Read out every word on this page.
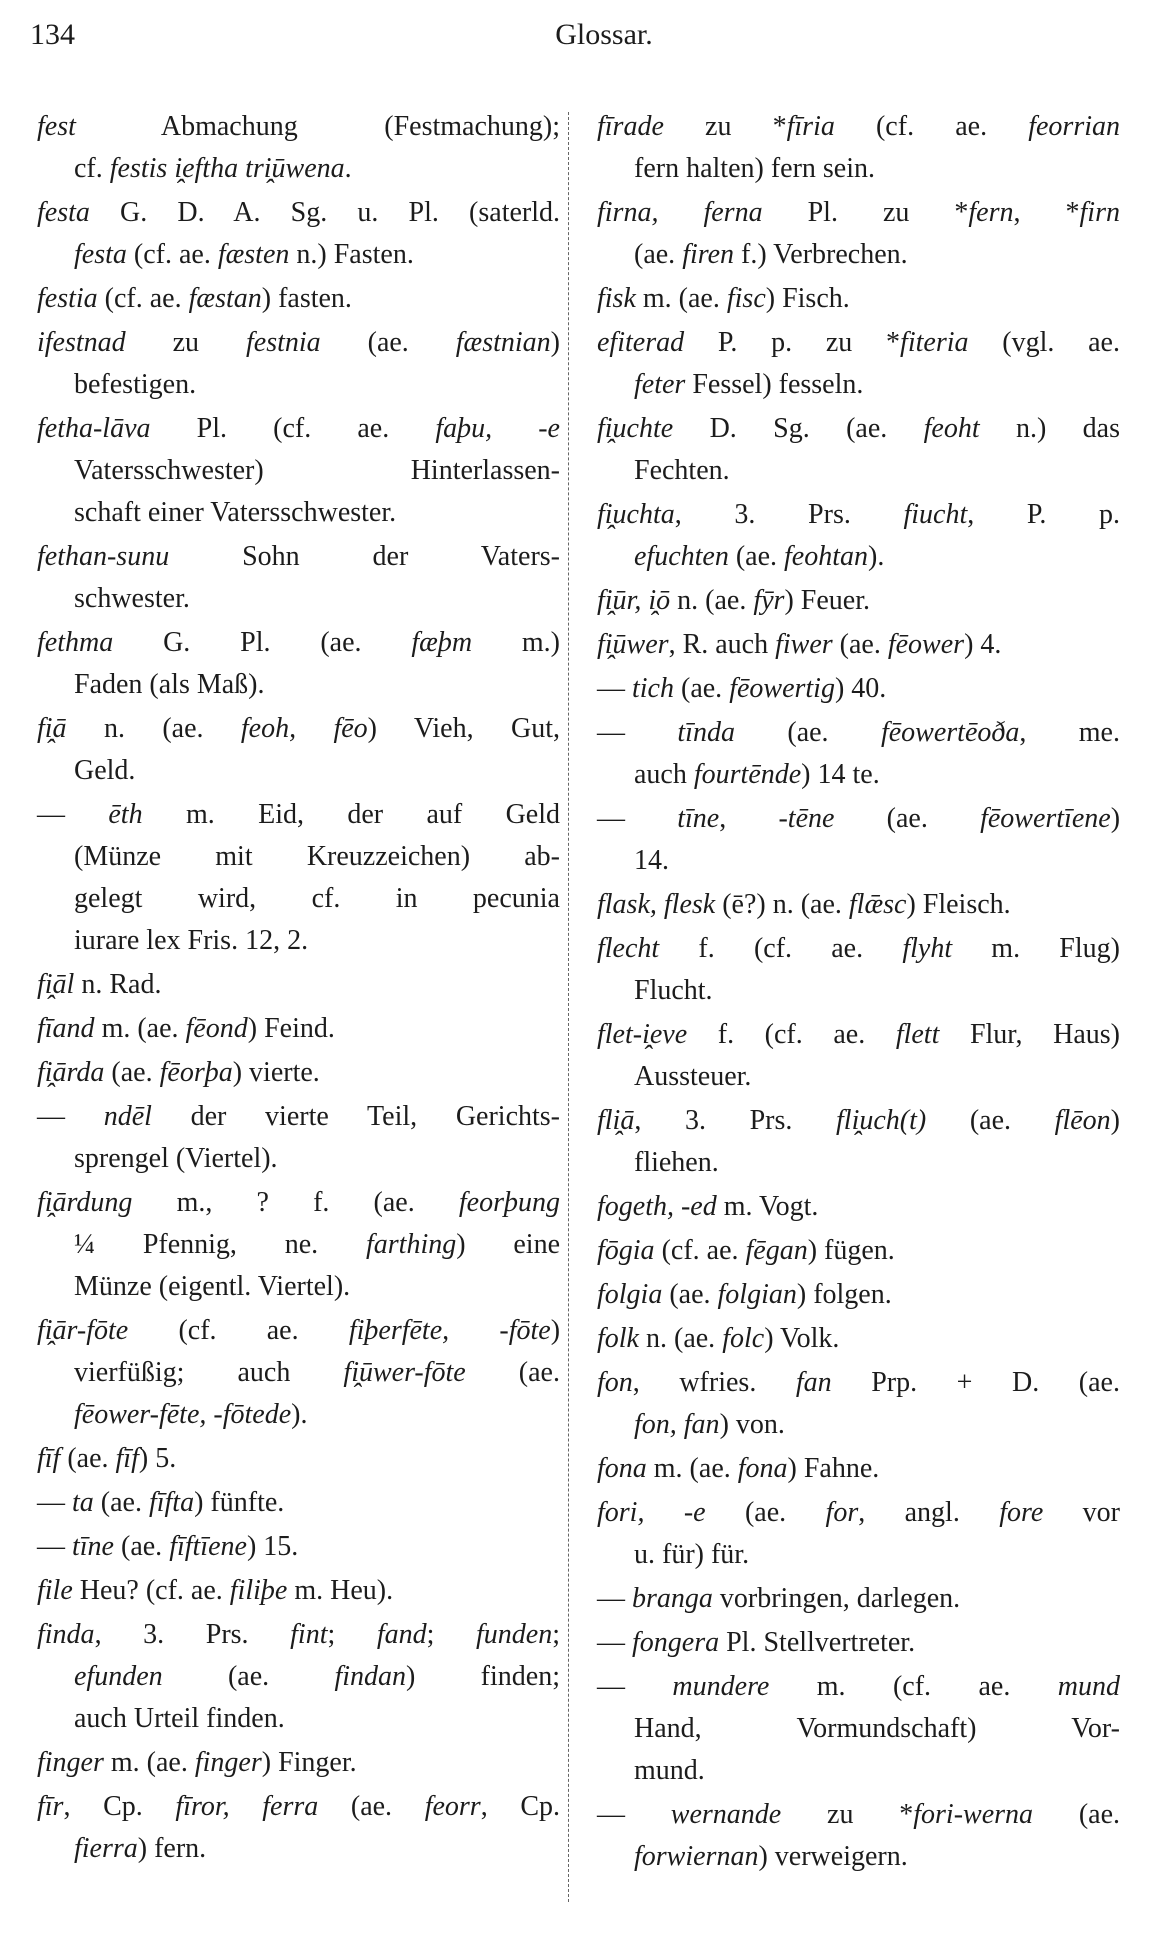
134	Glossar.
fest Abmachung (Festmachung);
cf. festis i̭eftha tri̭ūwena.
festa G. D. A. Sg. u. Pl. (saterld.
festa (cf. ae. fæsten n.) Fasten.
festia (cf. ae. fæstan) fasten.
ifestnad zu festnia (ae. fæstnian)
befestigen.
fetha-lāva Pl. (cf. ae. faþu, -e
Vatersschwester) Hinterlassen-
schaft einer Vatersschwester.
fethan-sunu Sohn der Vaters-
schwester.
fethma G. Pl. (ae. fæþm m.)
Faden (als Maß).
fi̭ā n. (ae. feoh, fēo) Vieh, Gut,
Geld.
— ēth m. Eid, der auf Geld
(Münze mit Kreuzzeichen) ab-
gelegt wird, cf. in pecunia
iurare lex Fris. 12, 2.
fi̭āl n. Rad.
fīand m. (ae. fēond) Feind.
fi̭ārda (ae. fēorþa) vierte.
— ndēl der vierte Teil, Gerichts-
sprengel (Viertel).
fi̭ārdung m., ? f. (ae. feorþung
¼ Pfennig, ne. farthing) eine
Münze (eigentl. Viertel).
fi̭ār-fōte (cf. ae. fiþerfēte, -fōte)
vierfüßig; auch fi̭ūwer-fōte (ae.
fēower-fēte, -fōtede).
fīf (ae. fīf) 5.
— ta (ae. fīfta) fünfte.
— tīne (ae. fīftīene) 15.
file Heu? (cf. ae. filiþe m. Heu).
finda, 3. Prs. fint; fand; funden;
efunden (ae. findan) finden;
auch Urteil finden.
finger m. (ae. finger) Finger.
fīr, Cp. fīror, ferra (ae. feorr, Cp.
fierra) fern.
fīrade zu *fīria (cf. ae. feorrian
fern halten) fern sein.
firna, ferna Pl. zu *fern, *firn
(ae. firen f.) Verbrechen.
fisk m. (ae. fisc) Fisch.
efiterad P. p. zu *fiteria (vgl. ae.
feter Fessel) fesseln.
fi̭uchte D. Sg. (ae. feoht n.) das
Fechten.
fi̭uchta, 3. Prs. fiucht, P. p.
efuchten (ae. feohtan).
fi̭ūr, i̭ō n. (ae. fȳr) Feuer.
fi̭ūwer, R. auch fiwer (ae. fēower) 4.
— tich (ae. fēowertig) 40.
— tīnda (ae. fēowertēoða, me.
auch fourtēnde) 14 te.
— tīne, -tēne (ae. fēowertīene)
14.
flask, flesk (ē?) n. (ae. flǣsc) Fleisch.
flecht f. (cf. ae. flyht m. Flug)
Flucht.
flet-i̭eve f. (cf. ae. flett Flur, Haus)
Aussteuer.
fli̭ā, 3. Prs. fli̭uch(t) (ae. flēon)
fliehen.
fogeth, -ed m. Vogt.
fōgia (cf. ae. fēgan) fügen.
folgia (ae. folgian) folgen.
folk n. (ae. folc) Volk.
fon, wfries. fan Prp. + D. (ae.
fon, fan) von.
fona m. (ae. fona) Fahne.
fori, -e (ae. for, angl. fore vor
u. für) für.
— branga vorbringen, darlegen.
— fongera Pl. Stellvertreter.
— mundere m. (cf. ae. mund
Hand, Vormundschaft) Vor-
mund.
— wernande zu *fori-werna (ae.
forwiernan) verweigern.
